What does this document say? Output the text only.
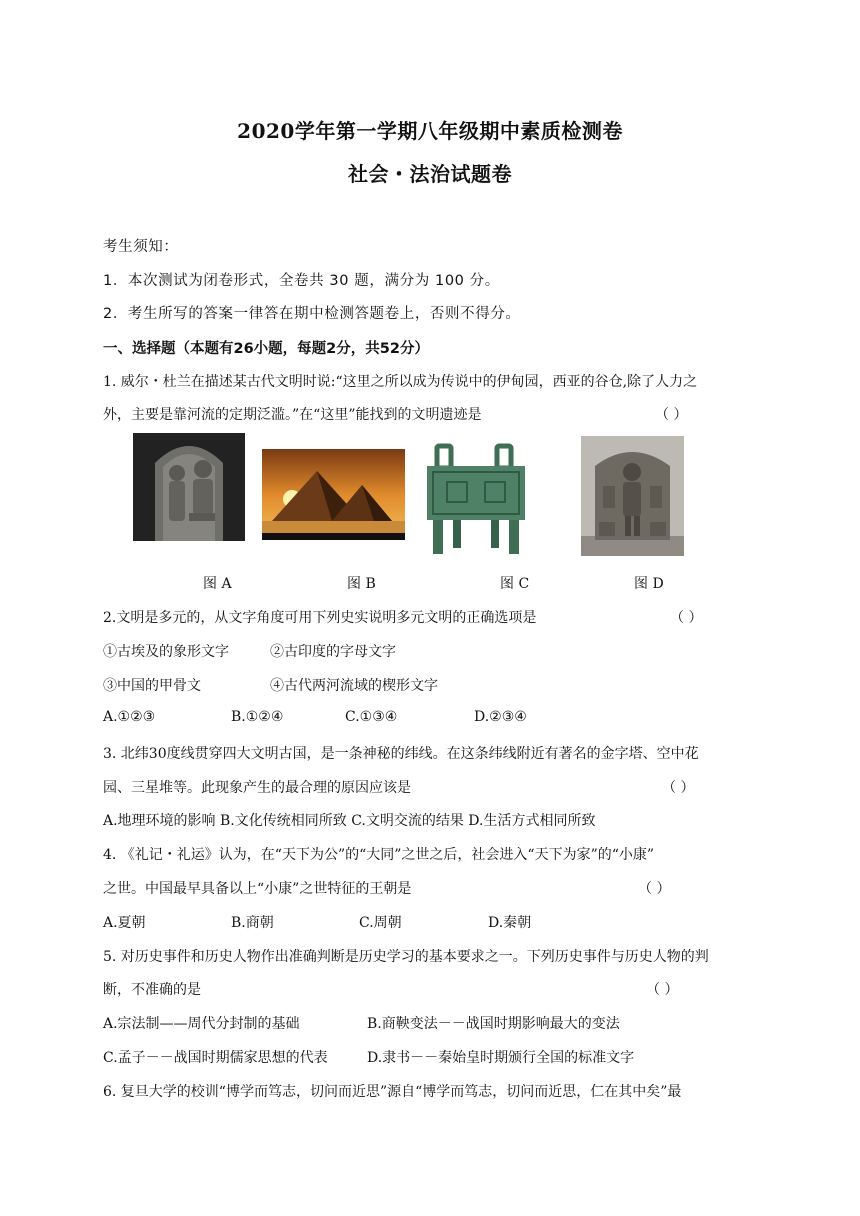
2020学年第一学期八年级期中素质检测卷
社会・法治试题卷
考生须知：
1．本次测试为闭卷形式，全卷共 30 题，满分为 100 分。
2．考生所写的答案一律答在期中检测答题卷上，否则不得分。
一、选择题（本题有26小题，每题2分，共52分）
1. 威尔・杜兰在描述某古代文明时说:“这里之所以成为传说中的伊甸园，西亚的谷仓,除了人力之
外，主要是靠河流的定期泛滥。”在“这里”能找到的文明遗迹是	（ ）
图 A	图 B	图 C	图 D
2.文明是多元的，从文字角度可用下列史实说明多元文明的正确选项是	（ ）
①古埃及的象形文字	②古印度的字母文字
③中国的甲骨文	④古代两河流域的楔形文字
A.①②③	B.①②④	C.①③④	D.②③④
3. 北纬30度线贯穿四大文明古国，是一条神秘的纬线。在这条纬线附近有著名的金字塔、空中花
园、三星堆等。此现象产生的最合理的原因应该是	（ ）
A.地理环境的影响 B.文化传统相同所致 C.文明交流的结果 D.生活方式相同所致
4. 《礼记・礼运》认为，在“天下为公”的“大同”之世之后，社会进入“天下为家”的“小康”
之世。中国最早具备以上“小康”之世特征的王朝是	（ ）
A.夏朝	B.商朝	C.周朝	D.秦朝
5. 对历史事件和历史人物作出准确判断是历史学习的基本要求之一。下列历史事件与历史人物的判
断，不准确的是	（ ）
A.宗法制——周代分封制的基础	B.商鞅变法－－战国时期影响最大的变法
C.孟子－－战国时期儒家思想的代表	D.隶书－－秦始皇时期颁行全国的标准文字
6. 复旦大学的校训“博学而笃志，切问而近思”源自“博学而笃志，切问而近思，仁在其中矣”最
